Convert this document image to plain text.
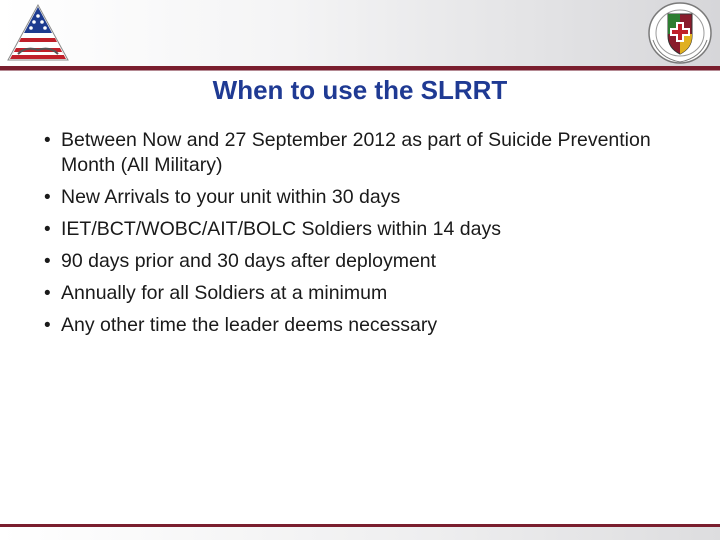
When to use the SLRRT
• Between Now and 27 September 2012 as part of Suicide Prevention Month (All Military)
• New Arrivals to your unit within 30 days
• IET/BCT/WOBC/AIT/BOLC Soldiers within 14 days
• 90 days prior and 30 days after deployment
• Annually for all Soldiers at a minimum
• Any other time the leader deems necessary
